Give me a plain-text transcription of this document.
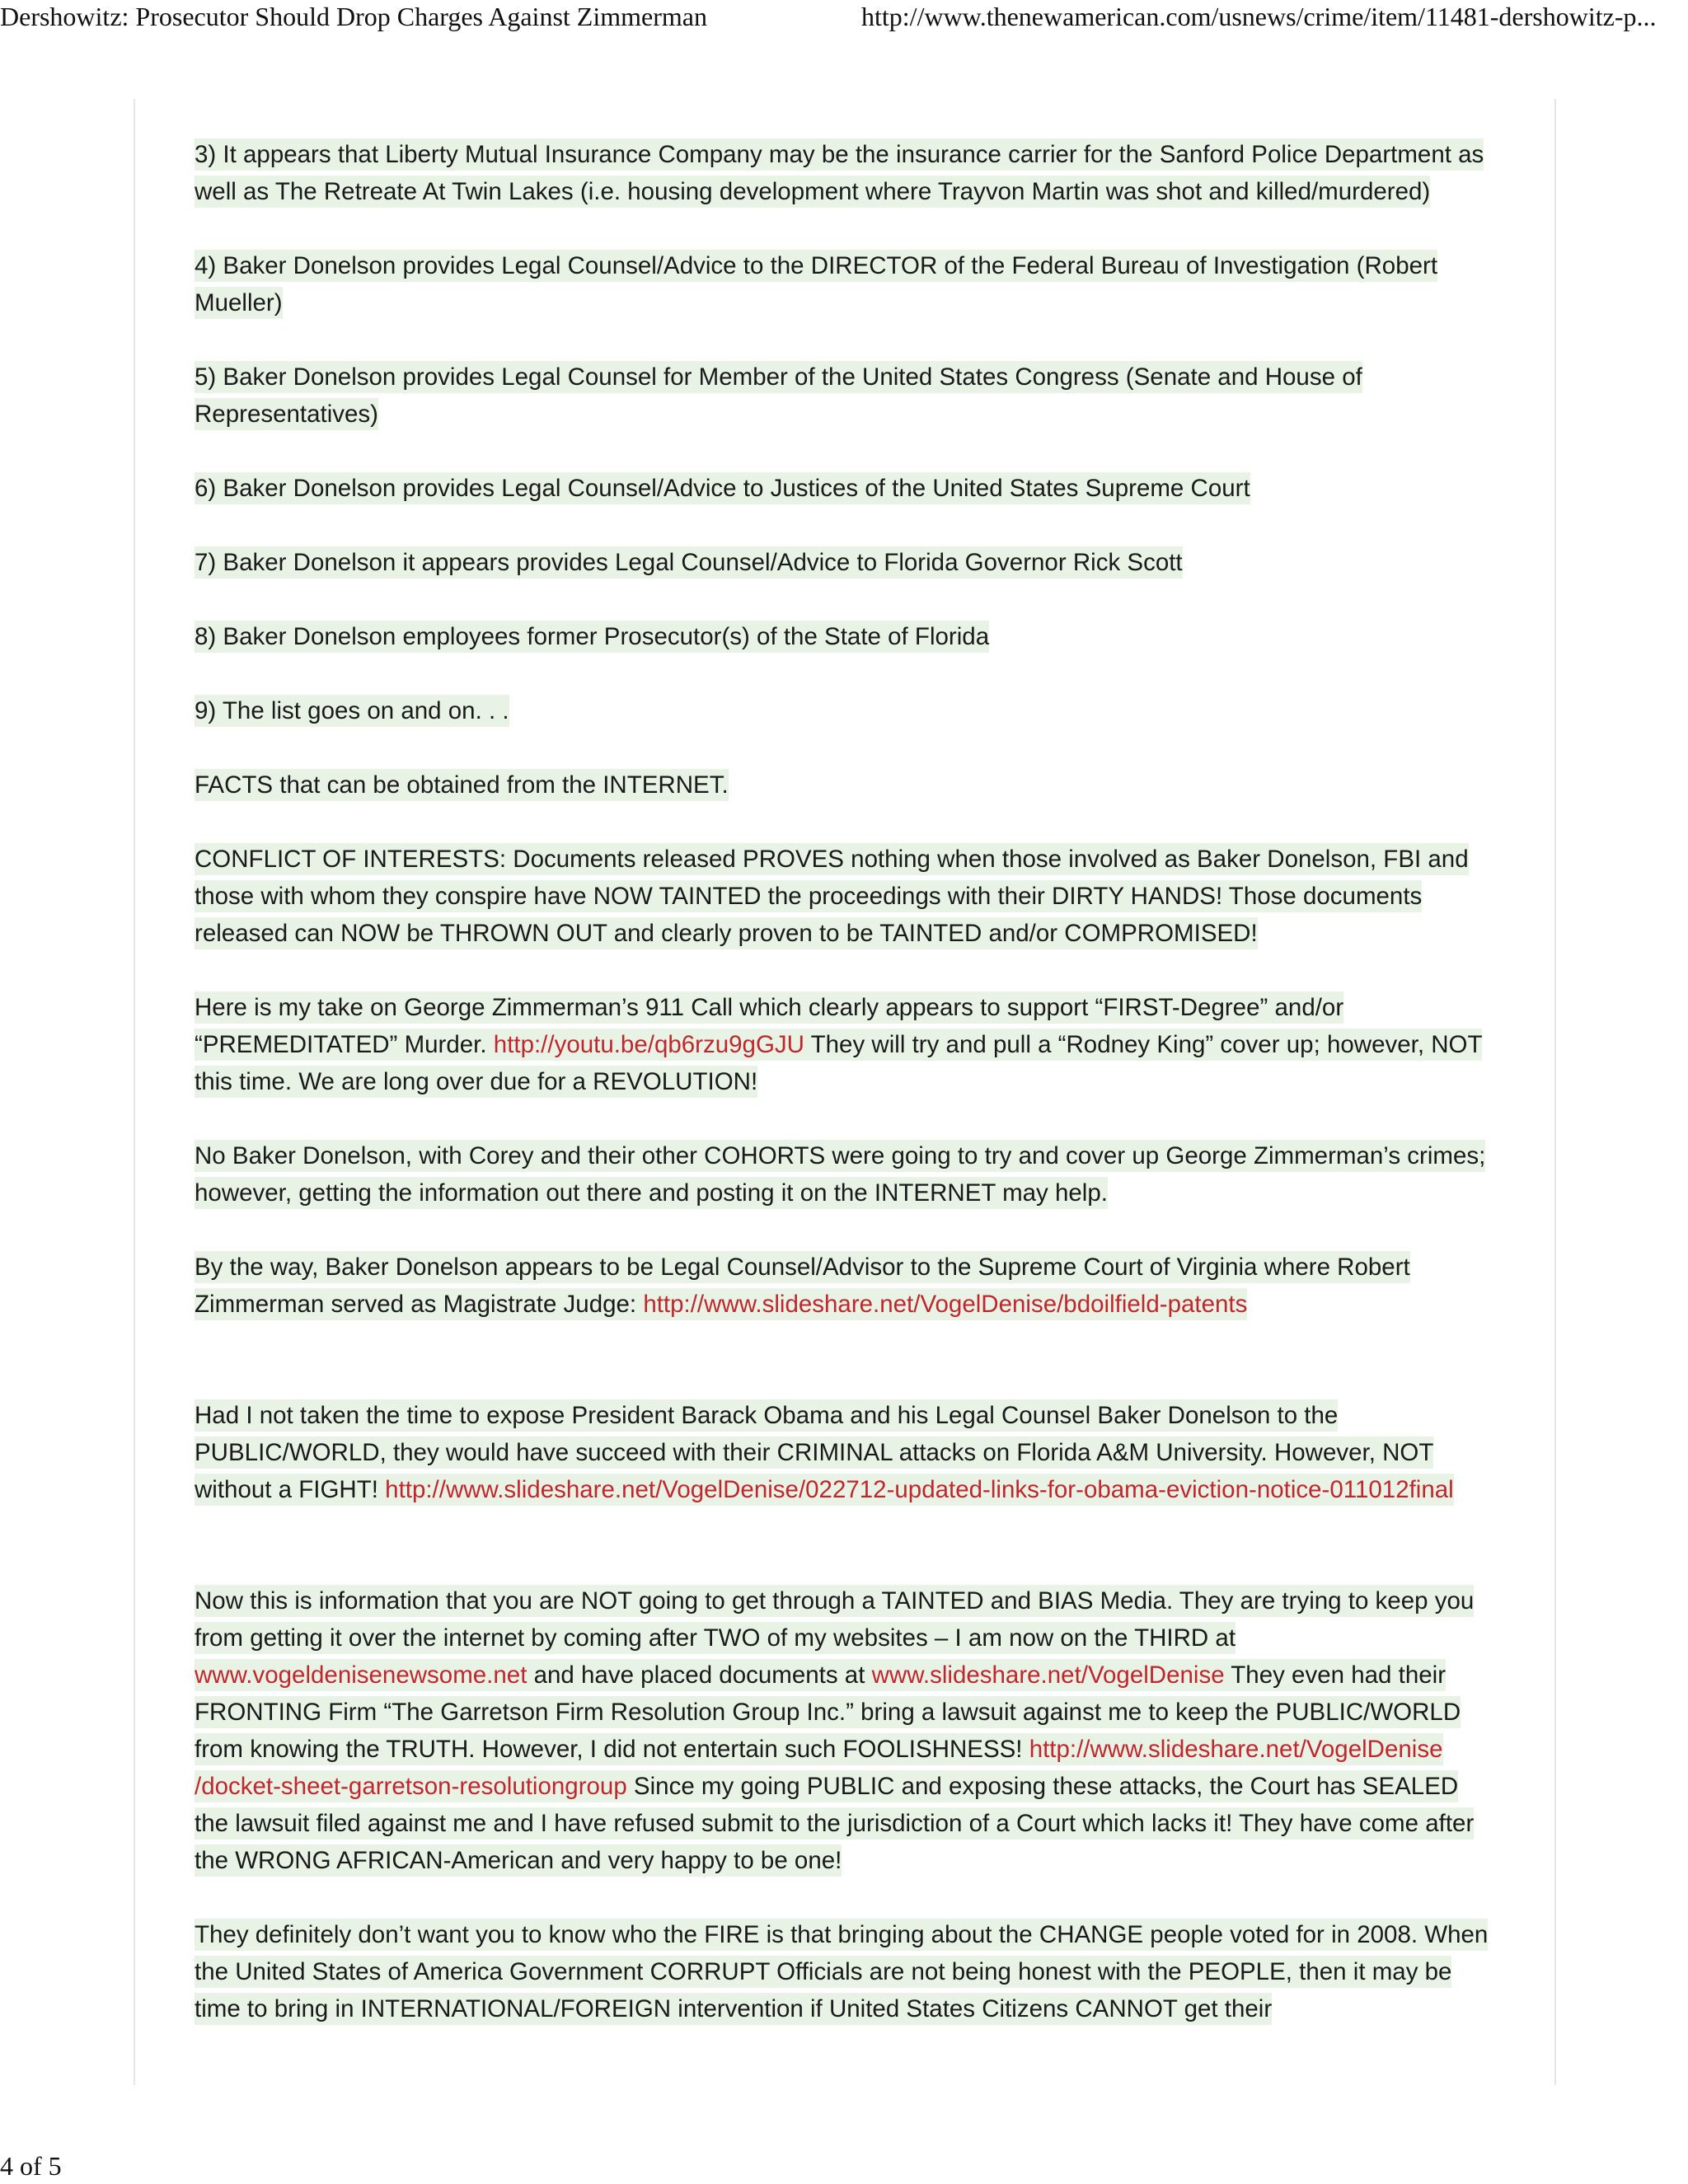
Dershowitz: Prosecutor Should Drop Charges Against Zimmerman	http://www.thenewamerican.com/usnews/crime/item/11481-dershowitz-p...

3) It appears that Liberty Mutual Insurance Company may be the insurance carrier for the Sanford Police Department as well as The Retreate At Twin Lakes (i.e. housing development where Trayvon Martin was shot and killed/murdered)

4) Baker Donelson provides Legal Counsel/Advice to the DIRECTOR of the Federal Bureau of Investigation (Robert Mueller)

5) Baker Donelson provides Legal Counsel for Member of the United States Congress (Senate and House of Representatives)

6) Baker Donelson provides Legal Counsel/Advice to Justices of the United States Supreme Court

7) Baker Donelson it appears provides Legal Counsel/Advice to Florida Governor Rick Scott

8) Baker Donelson employees former Prosecutor(s) of the State of Florida

9) The list goes on and on. . .

FACTS that can be obtained from the INTERNET.

CONFLICT OF INTERESTS: Documents released PROVES nothing when those involved as Baker Donelson, FBI and those with whom they conspire have NOW TAINTED the proceedings with their DIRTY HANDS! Those documents released can NOW be THROWN OUT and clearly proven to be TAINTED and/or COMPROMISED!

Here is my take on George Zimmerman’s 911 Call which clearly appears to support “FIRST-Degree” and/or “PREMEDITATED” Murder. http://youtu.be/qb6rzu9gGJU They will try and pull a “Rodney King” cover up; however, NOT this time. We are long over due for a REVOLUTION!

No Baker Donelson, with Corey and their other COHORTS were going to try and cover up George Zimmerman’s crimes; however, getting the information out there and posting it on the INTERNET may help.

By the way, Baker Donelson appears to be Legal Counsel/Advisor to the Supreme Court of Virginia where Robert Zimmerman served as Magistrate Judge: http://www.slideshare.net/VogelDenise/bdoilfield-patents

Had I not taken the time to expose President Barack Obama and his Legal Counsel Baker Donelson to the PUBLIC/WORLD, they would have succeed with their CRIMINAL attacks on Florida A&M University. However, NOT without a FIGHT! http://www.slideshare.net/VogelDenise/022712-updated-links-for-obama-eviction-notice-011012final

Now this is information that you are NOT going to get through a TAINTED and BIAS Media. They are trying to keep you from getting it over the internet by coming after TWO of my websites – I am now on the THIRD at www.vogeldenisenewsome.net and have placed documents at www.slideshare.net/VogelDenise They even had their FRONTING Firm “The Garretson Firm Resolution Group Inc.” bring a lawsuit against me to keep the PUBLIC/WORLD from knowing the TRUTH. However, I did not entertain such FOOLISHNESS! http://www.slideshare.net/VogelDenise
/docket-sheet-garretson-resolutiongroup Since my going PUBLIC and exposing these attacks, the Court has SEALED the lawsuit filed against me and I have refused submit to the jurisdiction of a Court which lacks it! They have come after the WRONG AFRICAN-American and very happy to be one!

They definitely don’t want you to know who the FIRE is that bringing about the CHANGE people voted for in 2008. When the United States of America Government CORRUPT Officials are not being honest with the PEOPLE, then it may be time to bring in INTERNATIONAL/FOREIGN intervention if United States Citizens CANNOT get their

4 of 5
